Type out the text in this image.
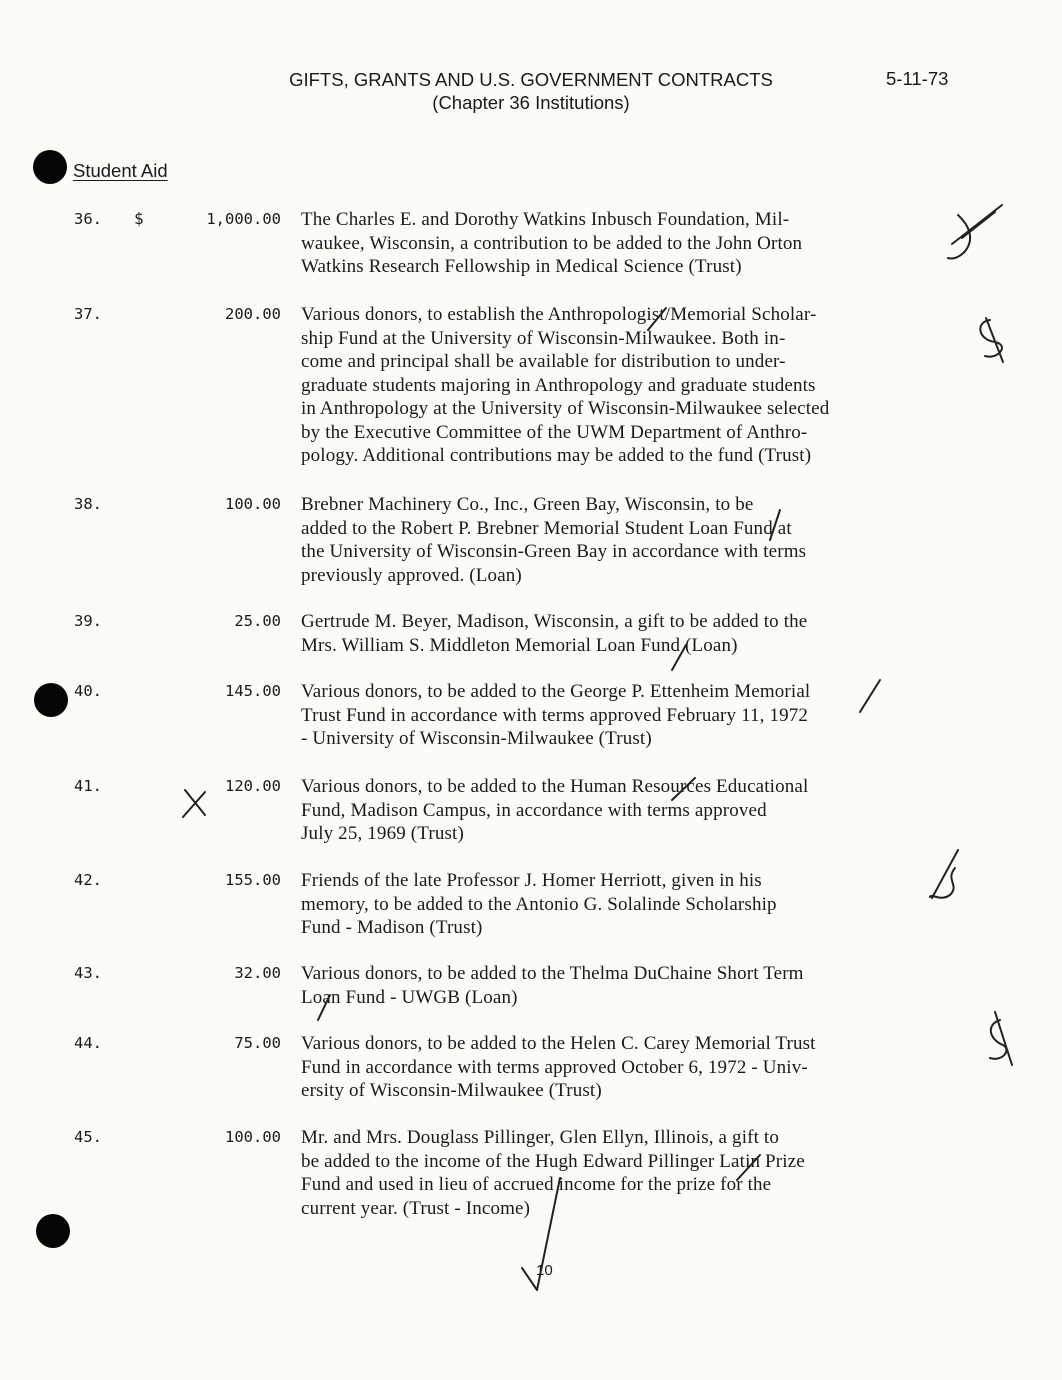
GIFTS, GRANTS AND U.S. GOVERNMENT CONTRACTS
(Chapter 36 Institutions)
5-11-73
Student Aid
36. $	1,000.00 The Charles E. and Dorothy Watkins Inbusch Foundation, Mil-
waukee, Wisconsin, a contribution to be added to the John Orton
Watkins Research Fellowship in Medical Science (Trust)
37.	200.00 Various donors, to establish the Anthropologist/Memorial Scholar-
ship Fund at the University of Wisconsin-Milwaukee. Both in-
come and principal shall be available for distribution to under-
graduate students majoring in Anthropology and graduate students
in Anthropology at the University of Wisconsin-Milwaukee selected
by the Executive Committee of the UWM Department of Anthro-
pology. Additional contributions may be added to the fund (Trust)
38.	100.00 Brebner Machinery Co., Inc., Green Bay, Wisconsin, to be
added to the Robert P. Brebner Memorial Student Loan Fund at
the University of Wisconsin-Green Bay in accordance with terms
previously approved. (Loan)
39.	25.00 Gertrude M. Beyer, Madison, Wisconsin, a gift to be added to the
Mrs. William S. Middleton Memorial Loan Fund (Loan)
40.	145.00 Various donors, to be added to the George P. Ettenheim Memorial
Trust Fund in accordance with terms approved February 11, 1972
- University of Wisconsin-Milwaukee (Trust)
41.	120.00 Various donors, to be added to the Human Resources Educational
Fund, Madison Campus, in accordance with terms approved
July 25, 1969 (Trust)
42.	155.00 Friends of the late Professor J. Homer Herriott, given in his
memory, to be added to the Antonio G. Solalinde Scholarship
Fund - Madison (Trust)
43.	32.00 Various donors, to be added to the Thelma DuChaine Short Term
Loan Fund - UWGB (Loan)
44.	75.00 Various donors, to be added to the Helen C. Carey Memorial Trust
Fund in accordance with terms approved October 6, 1972 - Univ-
ersity of Wisconsin-Milwaukee (Trust)
45.	100.00 Mr. and Mrs. Douglass Pillinger, Glen Ellyn, Illinois, a gift to
be added to the income of the Hugh Edward Pillinger Latin Prize
Fund and used in lieu of accrued income for the prize for the
current year. (Trust - Income)
10
